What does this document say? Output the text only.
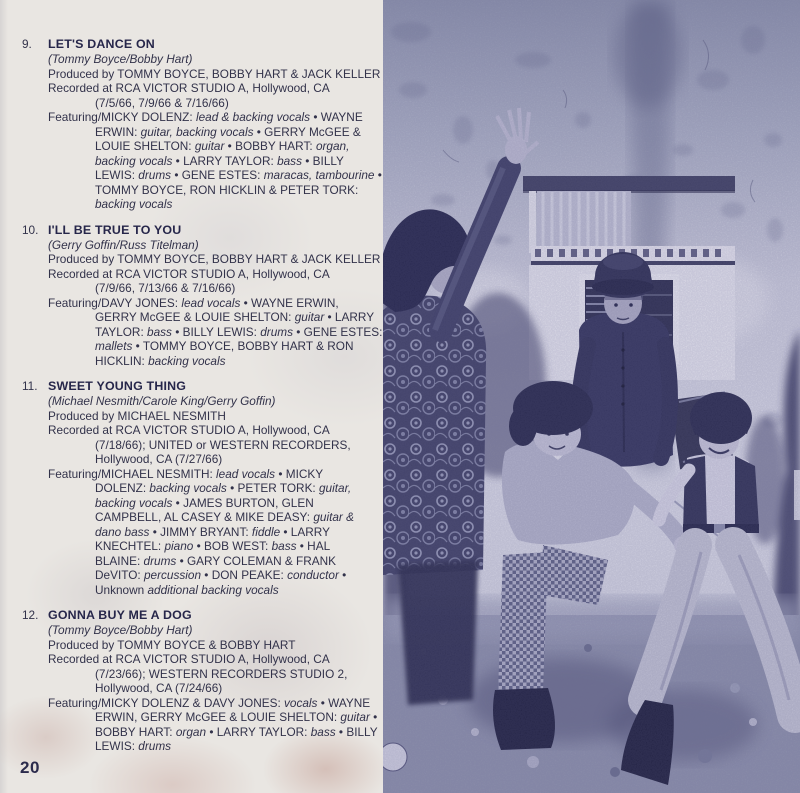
9. LET'S DANCE ON
(Tommy Boyce/Bobby Hart)
Produced by TOMMY BOYCE, BOBBY HART & JACK KELLER
Recorded at RCA VICTOR STUDIO A, Hollywood, CA
(7/5/66, 7/9/66 & 7/16/66)
Featuring/MICKY DOLENZ: lead & backing vocals • WAYNE
ERWIN: guitar, backing vocals • GERRY McGEE &
LOUIE SHELTON: guitar • BOBBY HART: organ,
backing vocals • LARRY TAYLOR: bass • BILLY
LEWIS: drums • GENE ESTES: maracas, tambourine •
TOMMY BOYCE, RON HICKLIN & PETER TORK:
backing vocals
10. I'LL BE TRUE TO YOU
(Gerry Goffin/Russ Titelman)
Produced by TOMMY BOYCE, BOBBY HART & JACK KELLER
Recorded at RCA VICTOR STUDIO A, Hollywood, CA
(7/9/66, 7/13/66 & 7/16/66)
Featuring/DAVY JONES: lead vocals • WAYNE ERWIN,
GERRY McGEE & LOUIE SHELTON: guitar • LARRY
TAYLOR: bass • BILLY LEWIS: drums • GENE ESTES:
mallets • TOMMY BOYCE, BOBBY HART & RON
HICKLIN: backing vocals
11. SWEET YOUNG THING
(Michael Nesmith/Carole King/Gerry Goffin)
Produced by MICHAEL NESMITH
Recorded at RCA VICTOR STUDIO A, Hollywood, CA
(7/18/66); UNITED or WESTERN RECORDERS,
Hollywood, CA (7/27/66)
Featuring/MICHAEL NESMITH: lead vocals • MICKY
DOLENZ: backing vocals • PETER TORK: guitar,
backing vocals • JAMES BURTON, GLEN
CAMPBELL, AL CASEY & MIKE DEASY: guitar &
dano bass • JIMMY BRYANT: fiddle • LARRY
KNECHTEL: piano • BOB WEST: bass • HAL
BLAINE: drums • GARY COLEMAN & FRANK
DeVITO: percussion • DON PEAKE: conductor •
Unknown additional backing vocals
12. GONNA BUY ME A DOG
(Tommy Boyce/Bobby Hart)
Produced by TOMMY BOYCE & BOBBY HART
Recorded at RCA VICTOR STUDIO A, Hollywood, CA
(7/23/66); WESTERN RECORDERS STUDIO 2,
Hollywood, CA (7/24/66)
Featuring/MICKY DOLENZ & DAVY JONES: vocals • WAYNE
ERWIN, GERRY McGEE & LOUIE SHELTON: guitar •
BOBBY HART: organ • LARRY TAYLOR: bass • BILLY
LEWIS: drums
20
